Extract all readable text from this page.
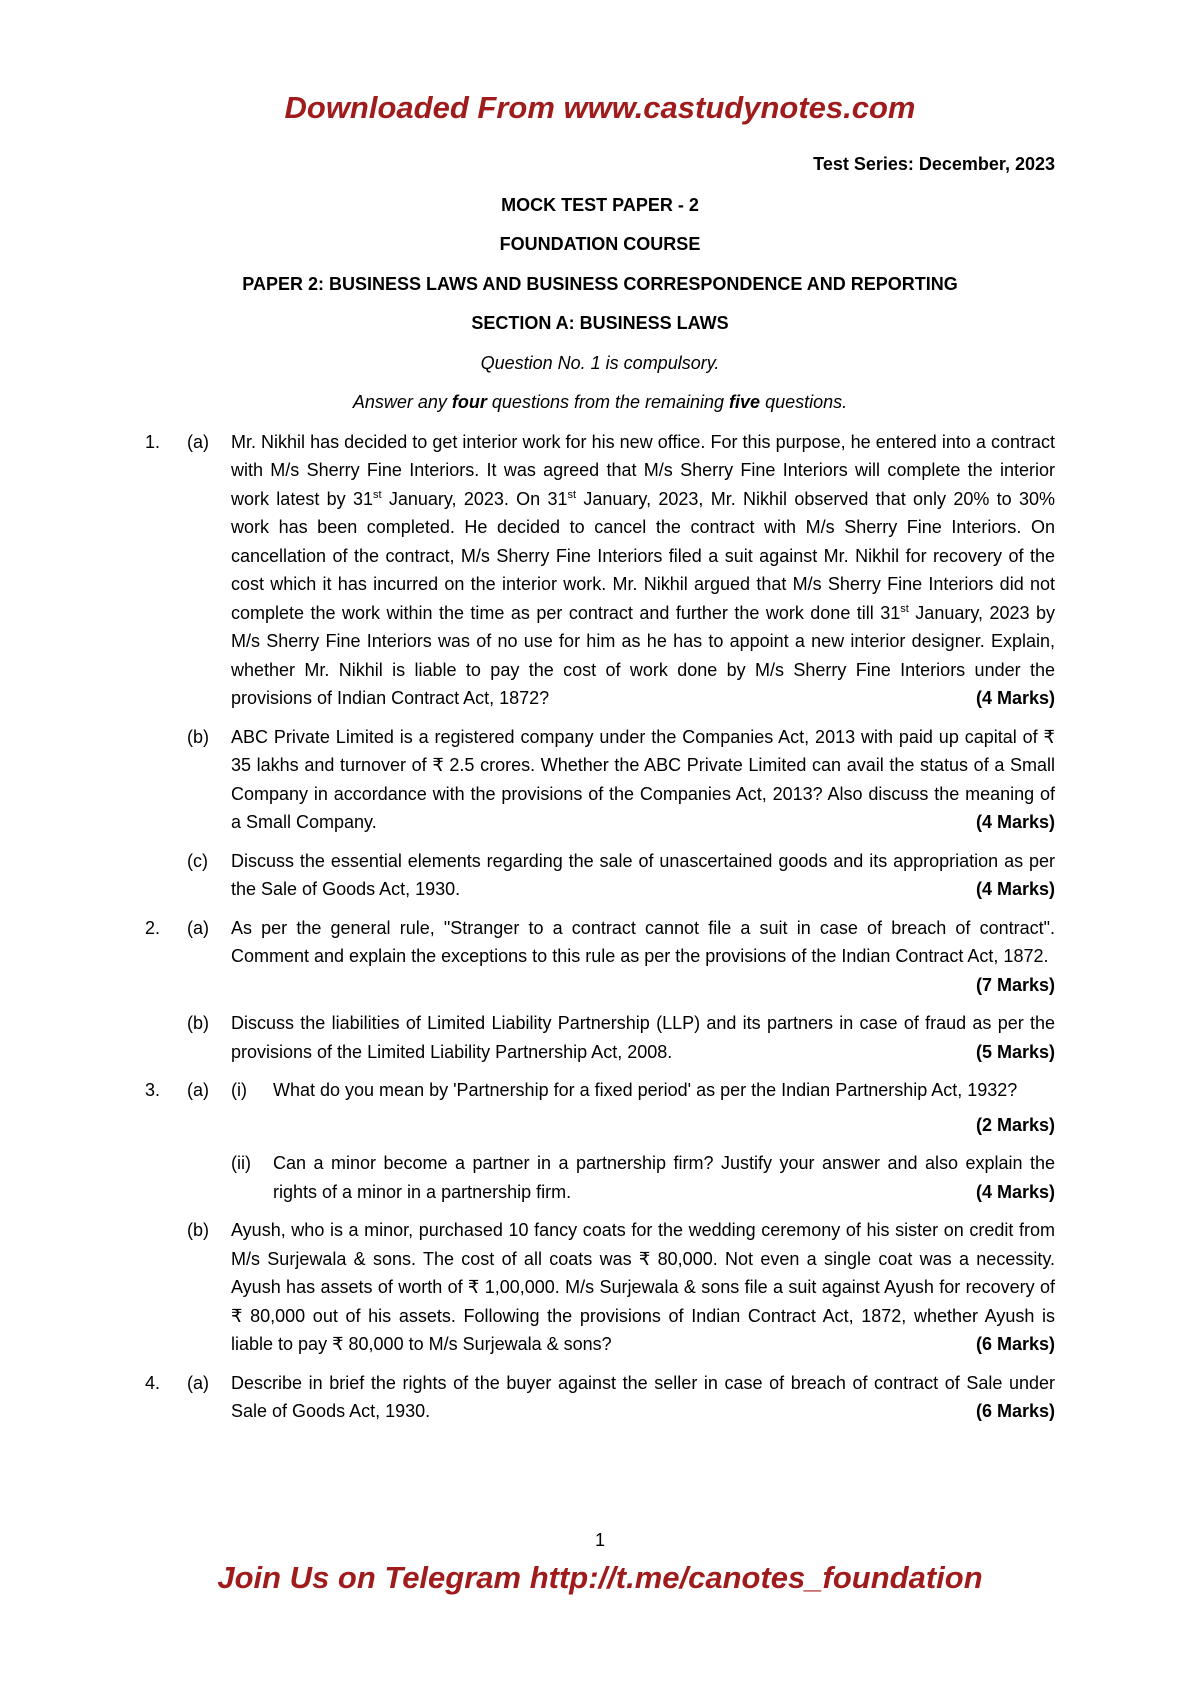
Downloaded From www.castudynotes.com
Test Series: December, 2023
MOCK TEST PAPER - 2
FOUNDATION COURSE
PAPER 2: BUSINESS LAWS AND BUSINESS CORRESPONDENCE AND REPORTING
SECTION A: BUSINESS LAWS
Question No. 1 is compulsory.
Answer any four questions from the remaining five questions.
1.	(a)	Mr. Nikhil has decided to get interior work for his new office. For this purpose, he entered into a contract with M/s Sherry Fine Interiors. It was agreed that M/s Sherry Fine Interiors will complete the interior work latest by 31st January, 2023. On 31st January, 2023, Mr. Nikhil observed that only 20% to 30% work has been completed. He decided to cancel the contract with M/s Sherry Fine Interiors. On cancellation of the contract, M/s Sherry Fine Interiors filed a suit against Mr. Nikhil for recovery of the cost which it has incurred on the interior work. Mr. Nikhil argued that M/s Sherry Fine Interiors did not complete the work within the time as per contract and further the work done till 31st January, 2023 by M/s Sherry Fine Interiors was of no use for him as he has to appoint a new interior designer. Explain, whether Mr. Nikhil is liable to pay the cost of work done by M/s Sherry Fine Interiors under the provisions of Indian Contract Act, 1872?	(4 Marks)
(b)	ABC Private Limited is a registered company under the Companies Act, 2013 with paid up capital of ₹ 35 lakhs and turnover of ₹ 2.5 crores. Whether the ABC Private Limited can avail the status of a Small Company in accordance with the provisions of the Companies Act, 2013? Also discuss the meaning of a Small Company.	(4 Marks)
(c)	Discuss the essential elements regarding the sale of unascertained goods and its appropriation as per the Sale of Goods Act, 1930.	(4 Marks)
2.	(a)	As per the general rule, "Stranger to a contract cannot file a suit in case of breach of contract". Comment and explain the exceptions to this rule as per the provisions of the Indian Contract Act, 1872.
(7 Marks)
(b)	Discuss the liabilities of Limited Liability Partnership (LLP) and its partners in case of fraud as per the provisions of the Limited Liability Partnership Act, 2008.	(5 Marks)
3.	(a)	(i)	What do you mean by 'Partnership for a fixed period' as per the Indian Partnership Act, 1932?
(2 Marks)
(ii)	Can a minor become a partner in a partnership firm? Justify your answer and also explain the rights of a minor in a partnership firm.	(4 Marks)
(b)	Ayush, who is a minor, purchased 10 fancy coats for the wedding ceremony of his sister on credit from M/s Surjewala & sons. The cost of all coats was ₹ 80,000. Not even a single coat was a necessity. Ayush has assets of worth of ₹ 1,00,000. M/s Surjewala & sons file a suit against Ayush for recovery of ₹ 80,000 out of his assets. Following the provisions of Indian Contract Act, 1872, whether Ayush is liable to pay ₹ 80,000 to M/s Surjewala & sons?	(6 Marks)
4.	(a)	Describe in brief the rights of the buyer against the seller in case of breach of contract of Sale under Sale of Goods Act, 1930.	(6 Marks)
1
Join Us on Telegram http://t.me/canotes_foundation
